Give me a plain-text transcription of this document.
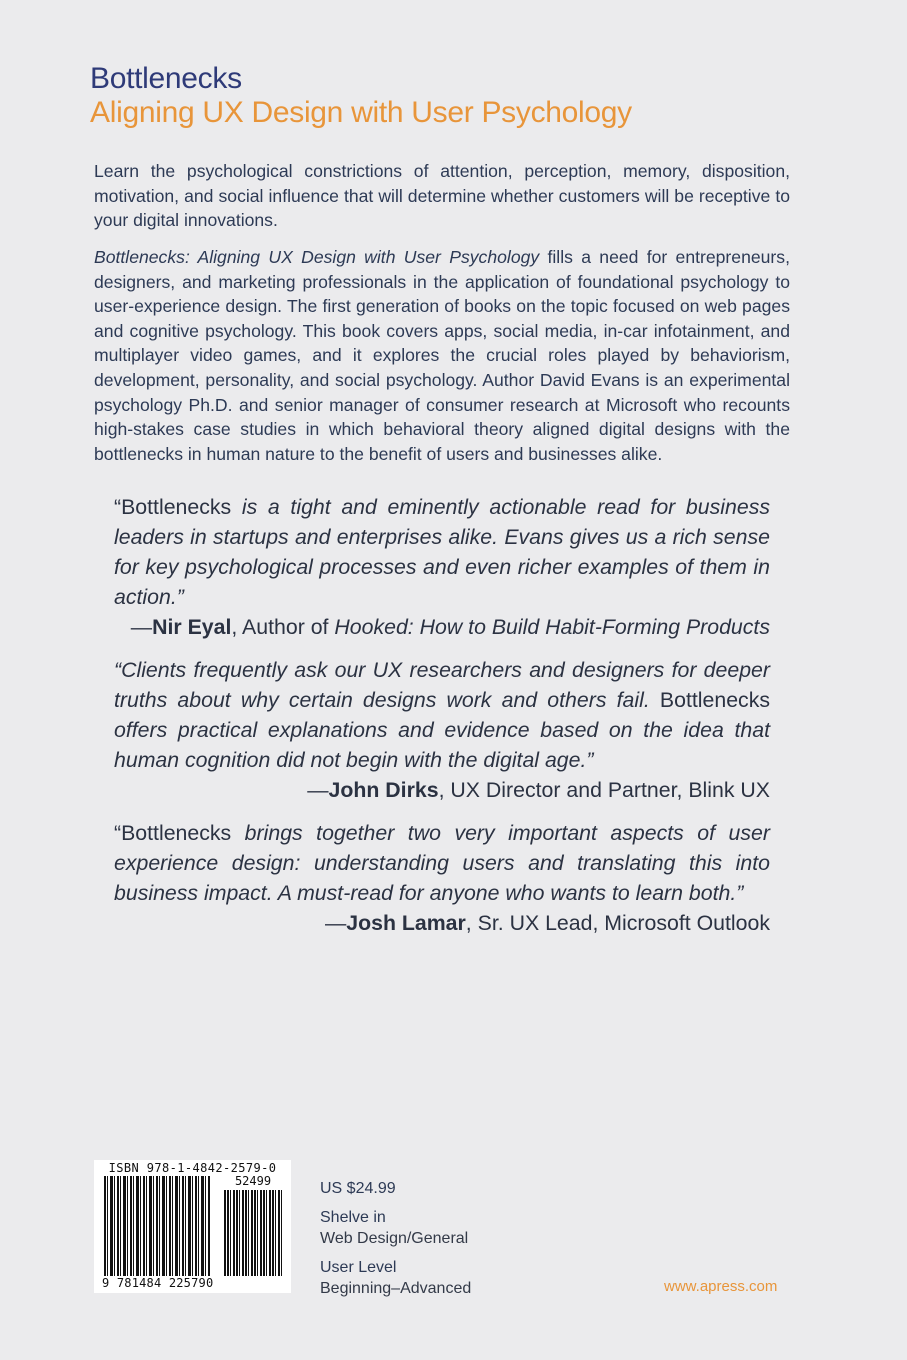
Bottlenecks
Aligning UX Design with User Psychology

Learn the psychological constrictions of attention, perception, memory, disposition, motivation, and social influence that will determine whether customers will be receptive to your digital innovations.

Bottlenecks: Aligning UX Design with User Psychology fills a need for entrepreneurs, designers, and marketing professionals in the application of foundational psychology to user-experience design. The first generation of books on the topic focused on web pages and cognitive psychology. This book covers apps, social media, in-car infotainment, and multiplayer video games, and it explores the crucial roles played by behaviorism, development, personality, and social psychology. Author David Evans is an experimental psychology Ph.D. and senior manager of consumer research at Microsoft who recounts high-stakes case studies in which behavioral theory aligned digital designs with the bottlenecks in human nature to the benefit of users and businesses alike.

“Bottlenecks is a tight and eminently actionable read for business leaders in startups and enterprises alike. Evans gives us a rich sense for key psychological processes and even richer examples of them in action.”

—Nir Eyal, Author of Hooked: How to Build Habit-Forming Products

“Clients frequently ask our UX researchers and designers for deeper truths about why certain designs work and others fail. Bottlenecks offers practical explanations and evidence based on the idea that human cognition did not begin with the digital age.”

—John Dirks, UX Director and Partner, Blink UX

“Bottlenecks brings together two very important aspects of user experience design: understanding users and translating this into business impact. A must-read for anyone who wants to learn both.”

—Josh Lamar, Sr. UX Lead, Microsoft Outlook

ISBN 978-1-4842-2579-0
52499
9 781484 225790

US $24.99

Shelve in

Web Design/General

User Level

Beginning–Advanced	www.apress.com
